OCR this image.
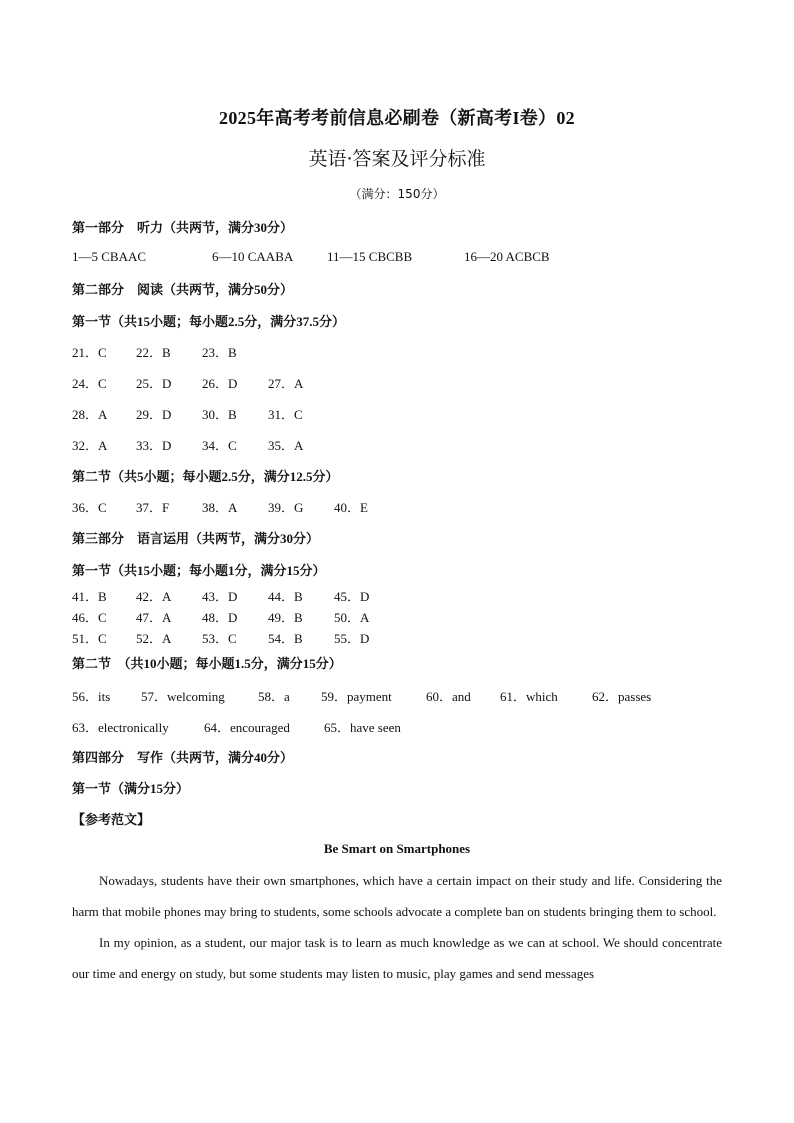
2025年高考考前信息必刷卷（新高考I卷）02
英语·答案及评分标准
（满分：150分）
第一部分　听力（共两节，满分30分）
1—5 CBAAC	6—10 CAABA	11—15 CBCBB	16—20 ACBCB
第二部分　阅读（共两节，满分50分）
第一节（共15小题；每小题2.5分，满分37.5分）
21．C 22．B 23．B
24．C 25．D 26．D 27．A
28．A 29．D 30．B 31．C
32．A 33．D 34．C 35．A
第二节（共5小题；每小题2.5分，满分12.5分）
36．C 37．F	38．A 39．G 40．E
第三部分　语言运用（共两节，满分30分）
第一节（共15小题；每小题1分，满分15分）
41．B 42．A 43．D 44．B 45．D
46．C 47．A 48．D 49．B 50．A
51．C 52．A 53．C 54．B 55．D
第二节　（共10小题；每小题1.5分，满分15分）
56．its 57．welcoming	58．a 59．payment	60．and 61．which	62．passes
63．electronically	64．encouraged	65．have seen
第四部分　写作（共两节，满分40分）
第一节（满分15分）
【参考范文】
Be Smart on Smartphones

Nowadays, students have their own smartphones, which have a certain impact on their study and life. Considering the harm that mobile phones may bring to students, some schools advocate a complete ban on students bringing them to school.

In my opinion, as a student, our major task is to learn as much knowledge as we can at school. We should concentrate our time and energy on study, but some students may listen to music, play games and send messages
